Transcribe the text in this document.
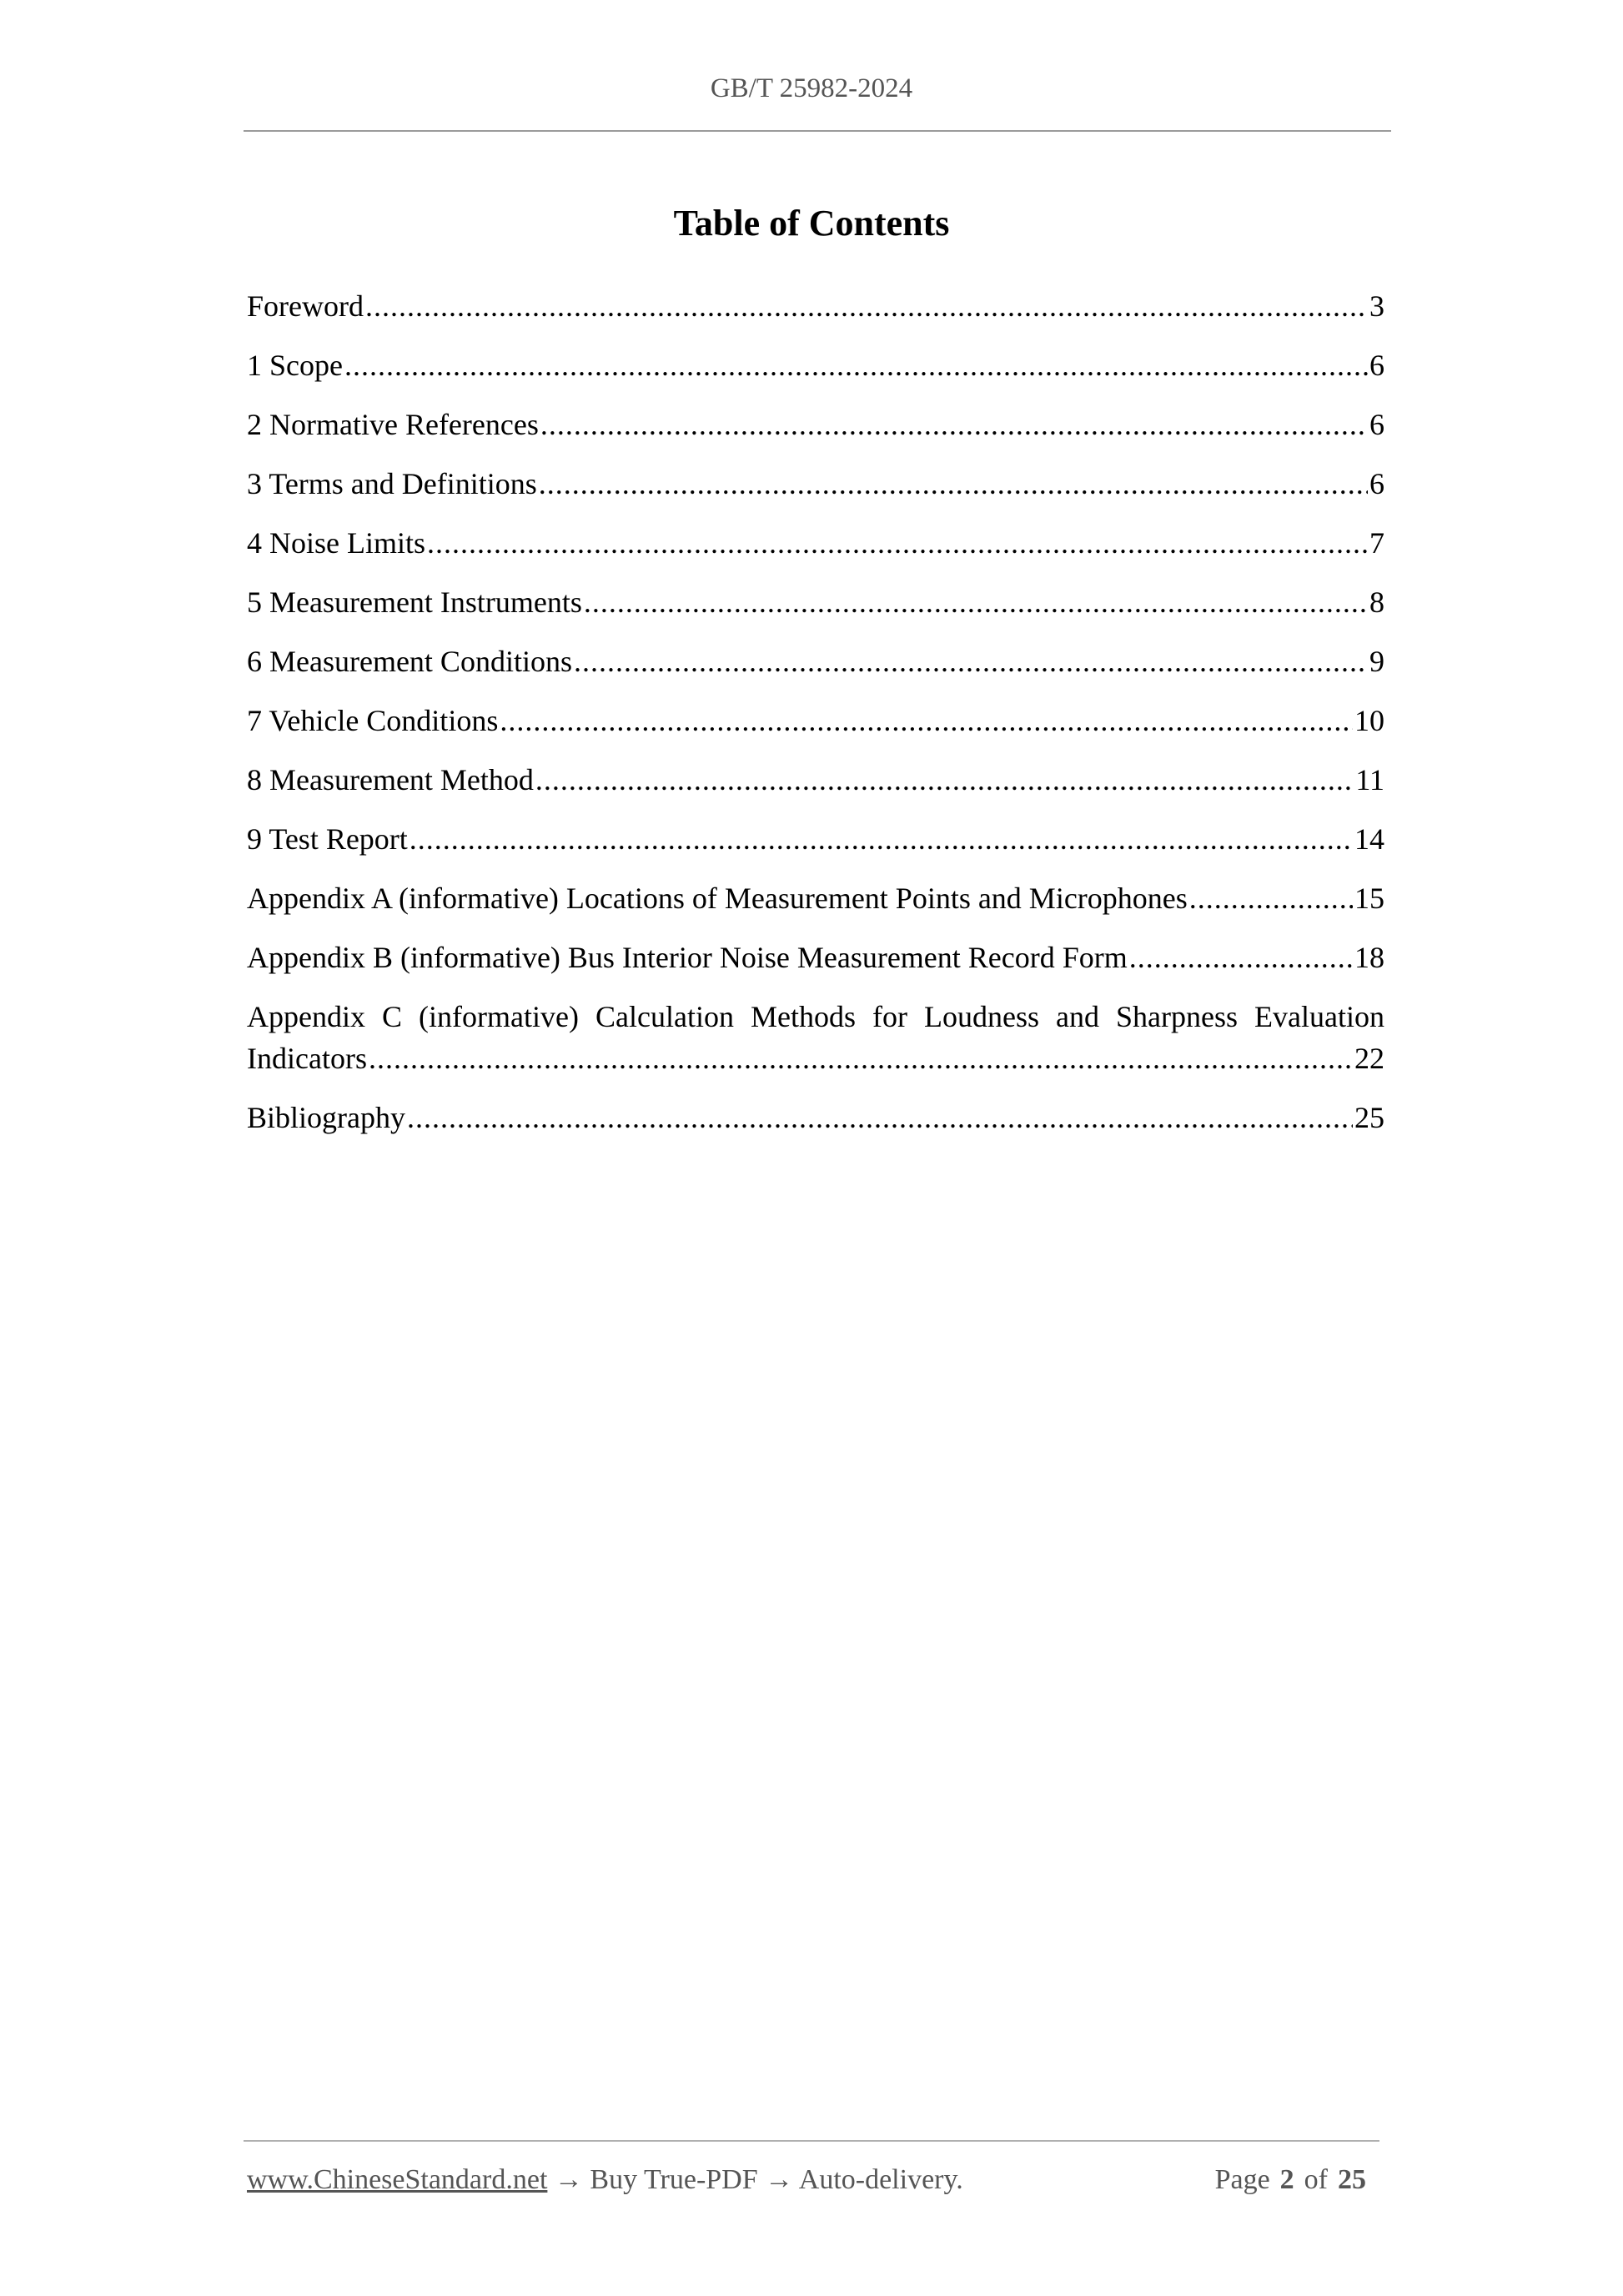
GB/T 25982-2024
Table of Contents
Foreword .....	3
1 Scope .....	6
2 Normative References .....	6
3 Terms and Definitions .....	6
4 Noise Limits .....	7
5 Measurement Instruments .....	8
6 Measurement Conditions .....	9
7 Vehicle Conditions .....	10
8 Measurement Method .....	11
9 Test Report .....	14
Appendix A (informative) Locations of Measurement Points and Microphones .....	15
Appendix B (informative) Bus Interior Noise Measurement Record Form .....	18
Appendix C (informative) Calculation Methods for Loudness and Sharpness Evaluation
Indicators .....	22
Bibliography .....	25
www.ChineseStandard.net → Buy True-PDF → Auto-delivery.	Page 2 of 25
